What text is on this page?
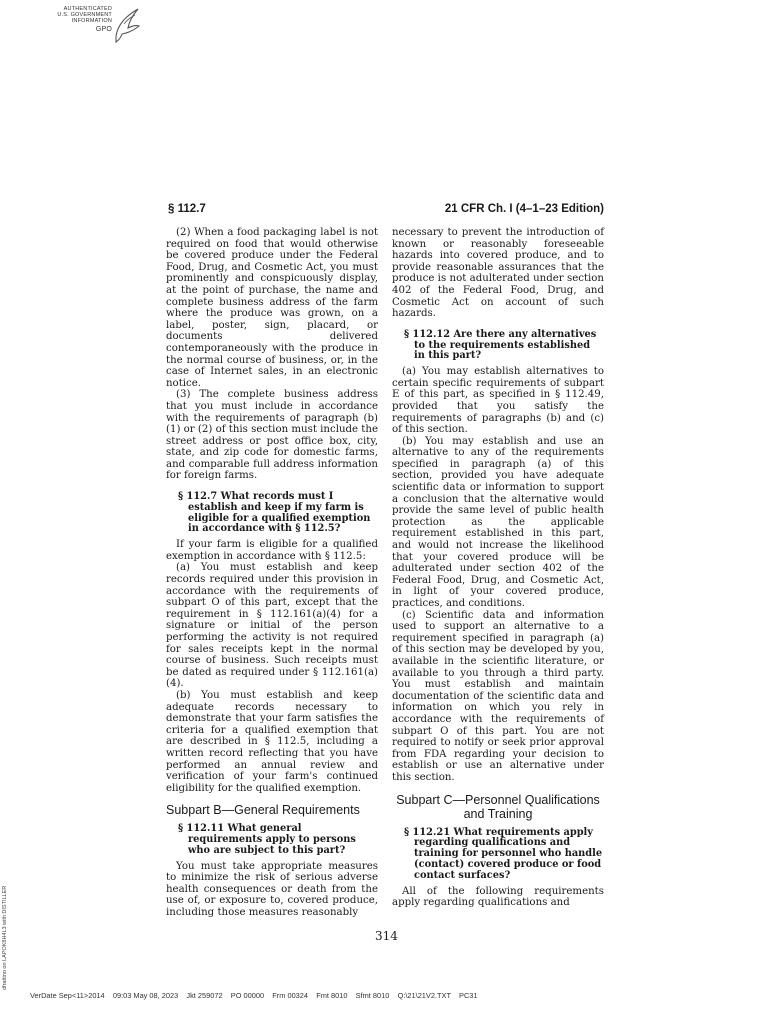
AUTHENTICATED
U.S. GOVERNMENT
INFORMATION
GPO
§ 112.7	21 CFR Ch. I (4–1–23 Edition)

(2) When a food packaging label is not required on food that would otherwise be covered produce under the Federal Food, Drug, and Cosmetic Act, you must prominently and conspicuously display, at the point of purchase, the name and complete business address of the farm where the produce was grown, on a label, poster, sign, placard, or documents delivered contemporaneously with the produce in the normal course of business, or, in the case of Internet sales, in an electronic notice.

(3) The complete business address that you must include in accordance with the requirements of paragraph (b)(1) or (2) of this section must include the street address or post office box, city, state, and zip code for domestic farms, and comparable full address information for foreign farms.

§ 112.7 What records must I establish and keep if my farm is eligible for a qualified exemption in accordance with § 112.5?

If your farm is eligible for a qualified exemption in accordance with § 112.5:

(a) You must establish and keep records required under this provision in accordance with the requirements of subpart O of this part, except that the requirement in § 112.161(a)(4) for a signature or initial of the person performing the activity is not required for sales receipts kept in the normal course of business. Such receipts must be dated as required under § 112.161(a)(4).

(b) You must establish and keep adequate records necessary to demonstrate that your farm satisfies the criteria for a qualified exemption that are described in § 112.5, including a written record reflecting that you have performed an annual review and verification of your farm's continued eligibility for the qualified exemption.

Subpart B—General Requirements

§ 112.11 What general requirements apply to persons who are subject to this part?

You must take appropriate measures to minimize the risk of serious adverse health consequences or death from the use of, or exposure to, covered produce, including those measures reasonably

necessary to prevent the introduction of known or reasonably foreseeable hazards into covered produce, and to provide reasonable assurances that the produce is not adulterated under section 402 of the Federal Food, Drug, and Cosmetic Act on account of such hazards.

§ 112.12 Are there any alternatives to the requirements established in this part?

(a) You may establish alternatives to certain specific requirements of subpart E of this part, as specified in § 112.49, provided that you satisfy the requirements of paragraphs (b) and (c) of this section.

(b) You may establish and use an alternative to any of the requirements specified in paragraph (a) of this section, provided you have adequate scientific data or information to support a conclusion that the alternative would provide the same level of public health protection as the applicable requirement established in this part, and would not increase the likelihood that your covered produce will be adulterated under section 402 of the Federal Food, Drug, and Cosmetic Act, in light of your covered produce, practices, and conditions.

(c) Scientific data and information used to support an alternative to a requirement specified in paragraph (a) of this section may be developed by you, available in the scientific literature, or available to you through a third party. You must establish and maintain documentation of the scientific data and information on which you rely in accordance with the requirements of subpart O of this part. You are not required to notify or seek prior approval from FDA regarding your decision to establish or use an alternative under this section.

Subpart C—Personnel Qualifications and Training

§ 112.21 What requirements apply regarding qualifications and training for personnel who handle (contact) covered produce or food contact surfaces?

All of the following requirements apply regarding qualifications and

314
dfrattino on LAPOK8H4L3 with DISTILLER
VerDate Sep<11>2014    09:03 May 08, 2023    Jkt 259072    PO 00000    Frm 00324    Fmt 8010    Sfmt 8010    Q:\21\21V2.TXT    PC31
